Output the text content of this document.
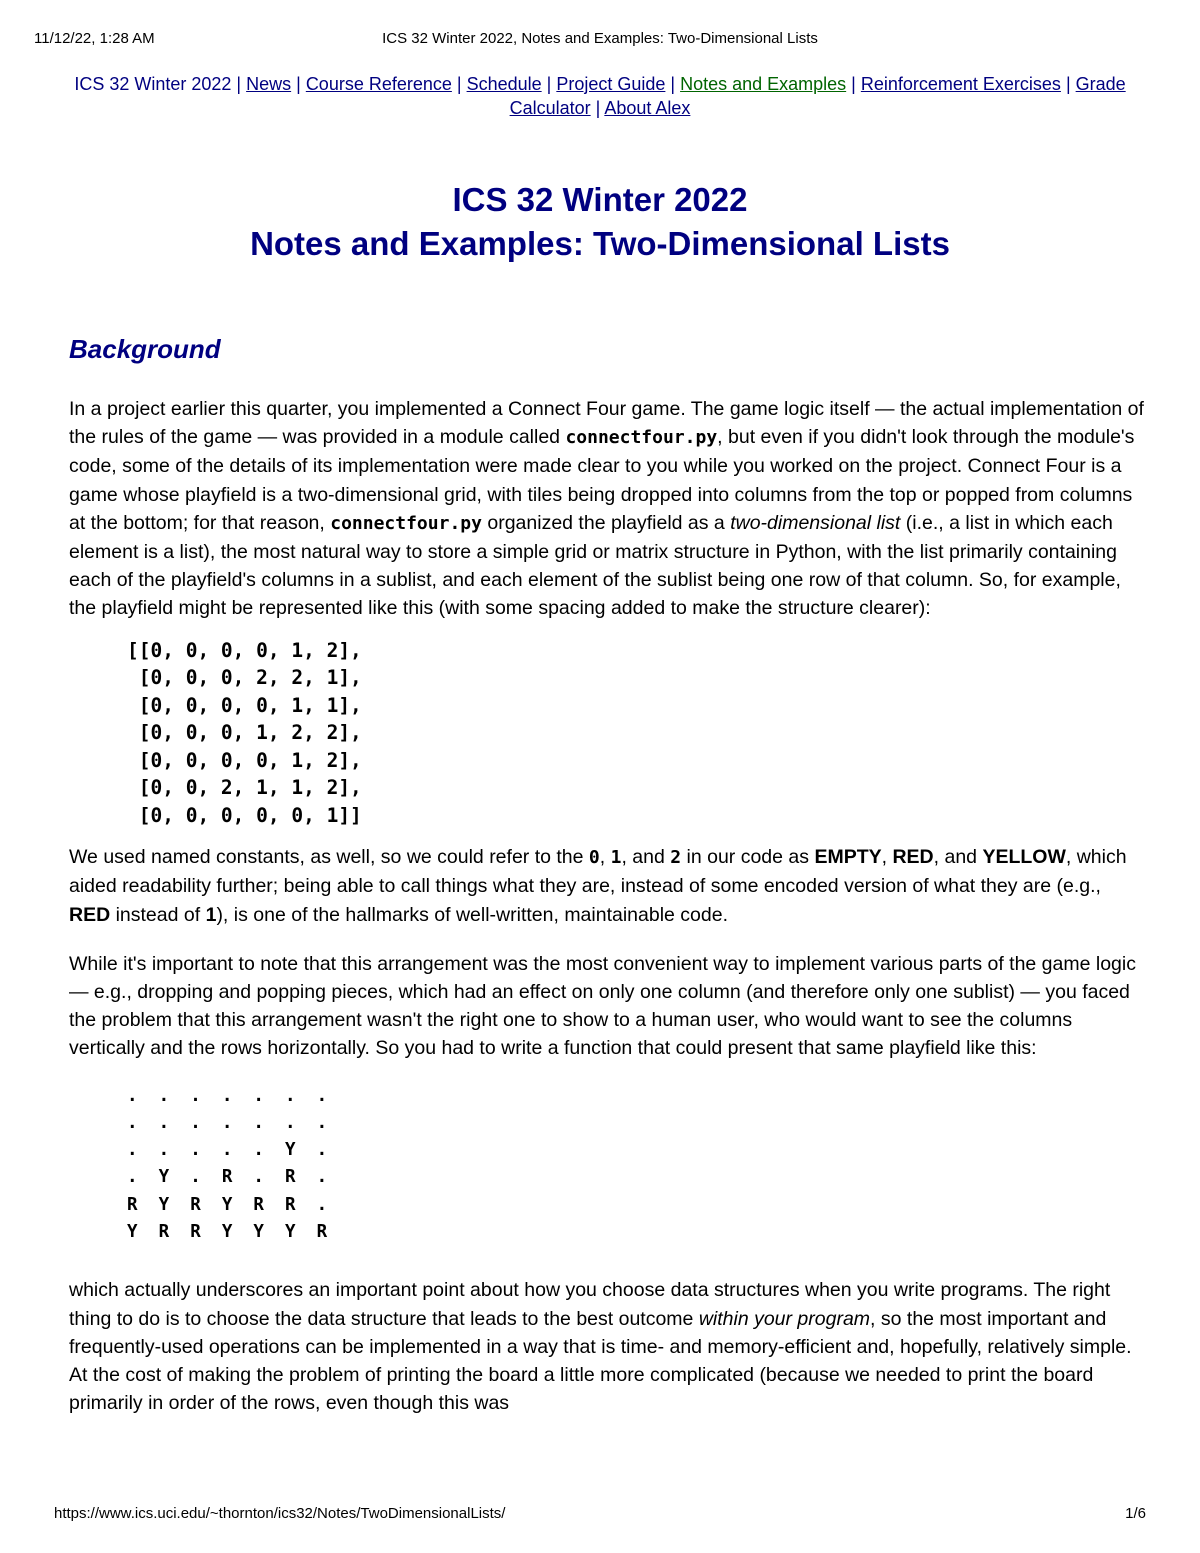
11/12/22, 1:28 AM	ICS 32 Winter 2022, Notes and Examples: Two-Dimensional Lists
ICS 32 Winter 2022 | News | Course Reference | Schedule | Project Guide | Notes and Examples | Reinforcement Exercises | Grade Calculator | About Alex
ICS 32 Winter 2022
Notes and Examples: Two-Dimensional Lists
Background

In a project earlier this quarter, you implemented a Connect Four game. The game logic itself — the actual implementation of the rules of the game — was provided in a module called connectfour.py, but even if you didn't look through the module's code, some of the details of its implementation were made clear to you while you worked on the project. Connect Four is a game whose playfield is a two-dimensional grid, with tiles being dropped into columns from the top or popped from columns at the bottom; for that reason, connectfour.py organized the playfield as a two-dimensional list (i.e., a list in which each element is a list), the most natural way to store a simple grid or matrix structure in Python, with the list primarily containing each of the playfield's columns in a sublist, and each element of the sublist being one row of that column. So, for example, the playfield might be represented like this (with some spacing added to make the structure clearer):

[[0, 0, 0, 0, 1, 2],
[0, 0, 0, 2, 2, 1],
[0, 0, 0, 0, 1, 1],
[0, 0, 0, 1, 2, 2],
[0, 0, 0, 0, 1, 2],
[0, 0, 2, 1, 1, 2],
[0, 0, 0, 0, 0, 1]]

We used named constants, as well, so we could refer to the 0, 1, and 2 in our code as EMPTY, RED, and YELLOW, which aided readability further; being able to call things what they are, instead of some encoded version of what they are (e.g., RED instead of 1), is one of the hallmarks of well-written, maintainable code.

While it's important to note that this arrangement was the most convenient way to implement various parts of the game logic — e.g., dropping and popping pieces, which had an effect on only one column (and therefore only one sublist) — you faced the problem that this arrangement wasn't the right one to show to a human user, who would want to see the columns vertically and the rows horizontally. So you had to write a function that could present that same playfield like this:

.  .  .  .  .  .  .
.  .  .  .  .  .  .
.  .  .  .  .  Y  .
.  Y  .  R  .  R  .
R  Y  R  Y  R  R  .
Y  R  R  Y  Y  Y  R

which actually underscores an important point about how you choose data structures when you write programs. The right thing to do is to choose the data structure that leads to the best outcome within your program, so the most important and frequently-used operations can be implemented in a way that is time- and memory-efficient and, hopefully, relatively simple. At the cost of making the problem of printing the board a little more complicated (because we needed to print the board primarily in order of the rows, even though this was

https://www.ics.uci.edu/~thornton/ics32/Notes/TwoDimensionalLists/	1/6
